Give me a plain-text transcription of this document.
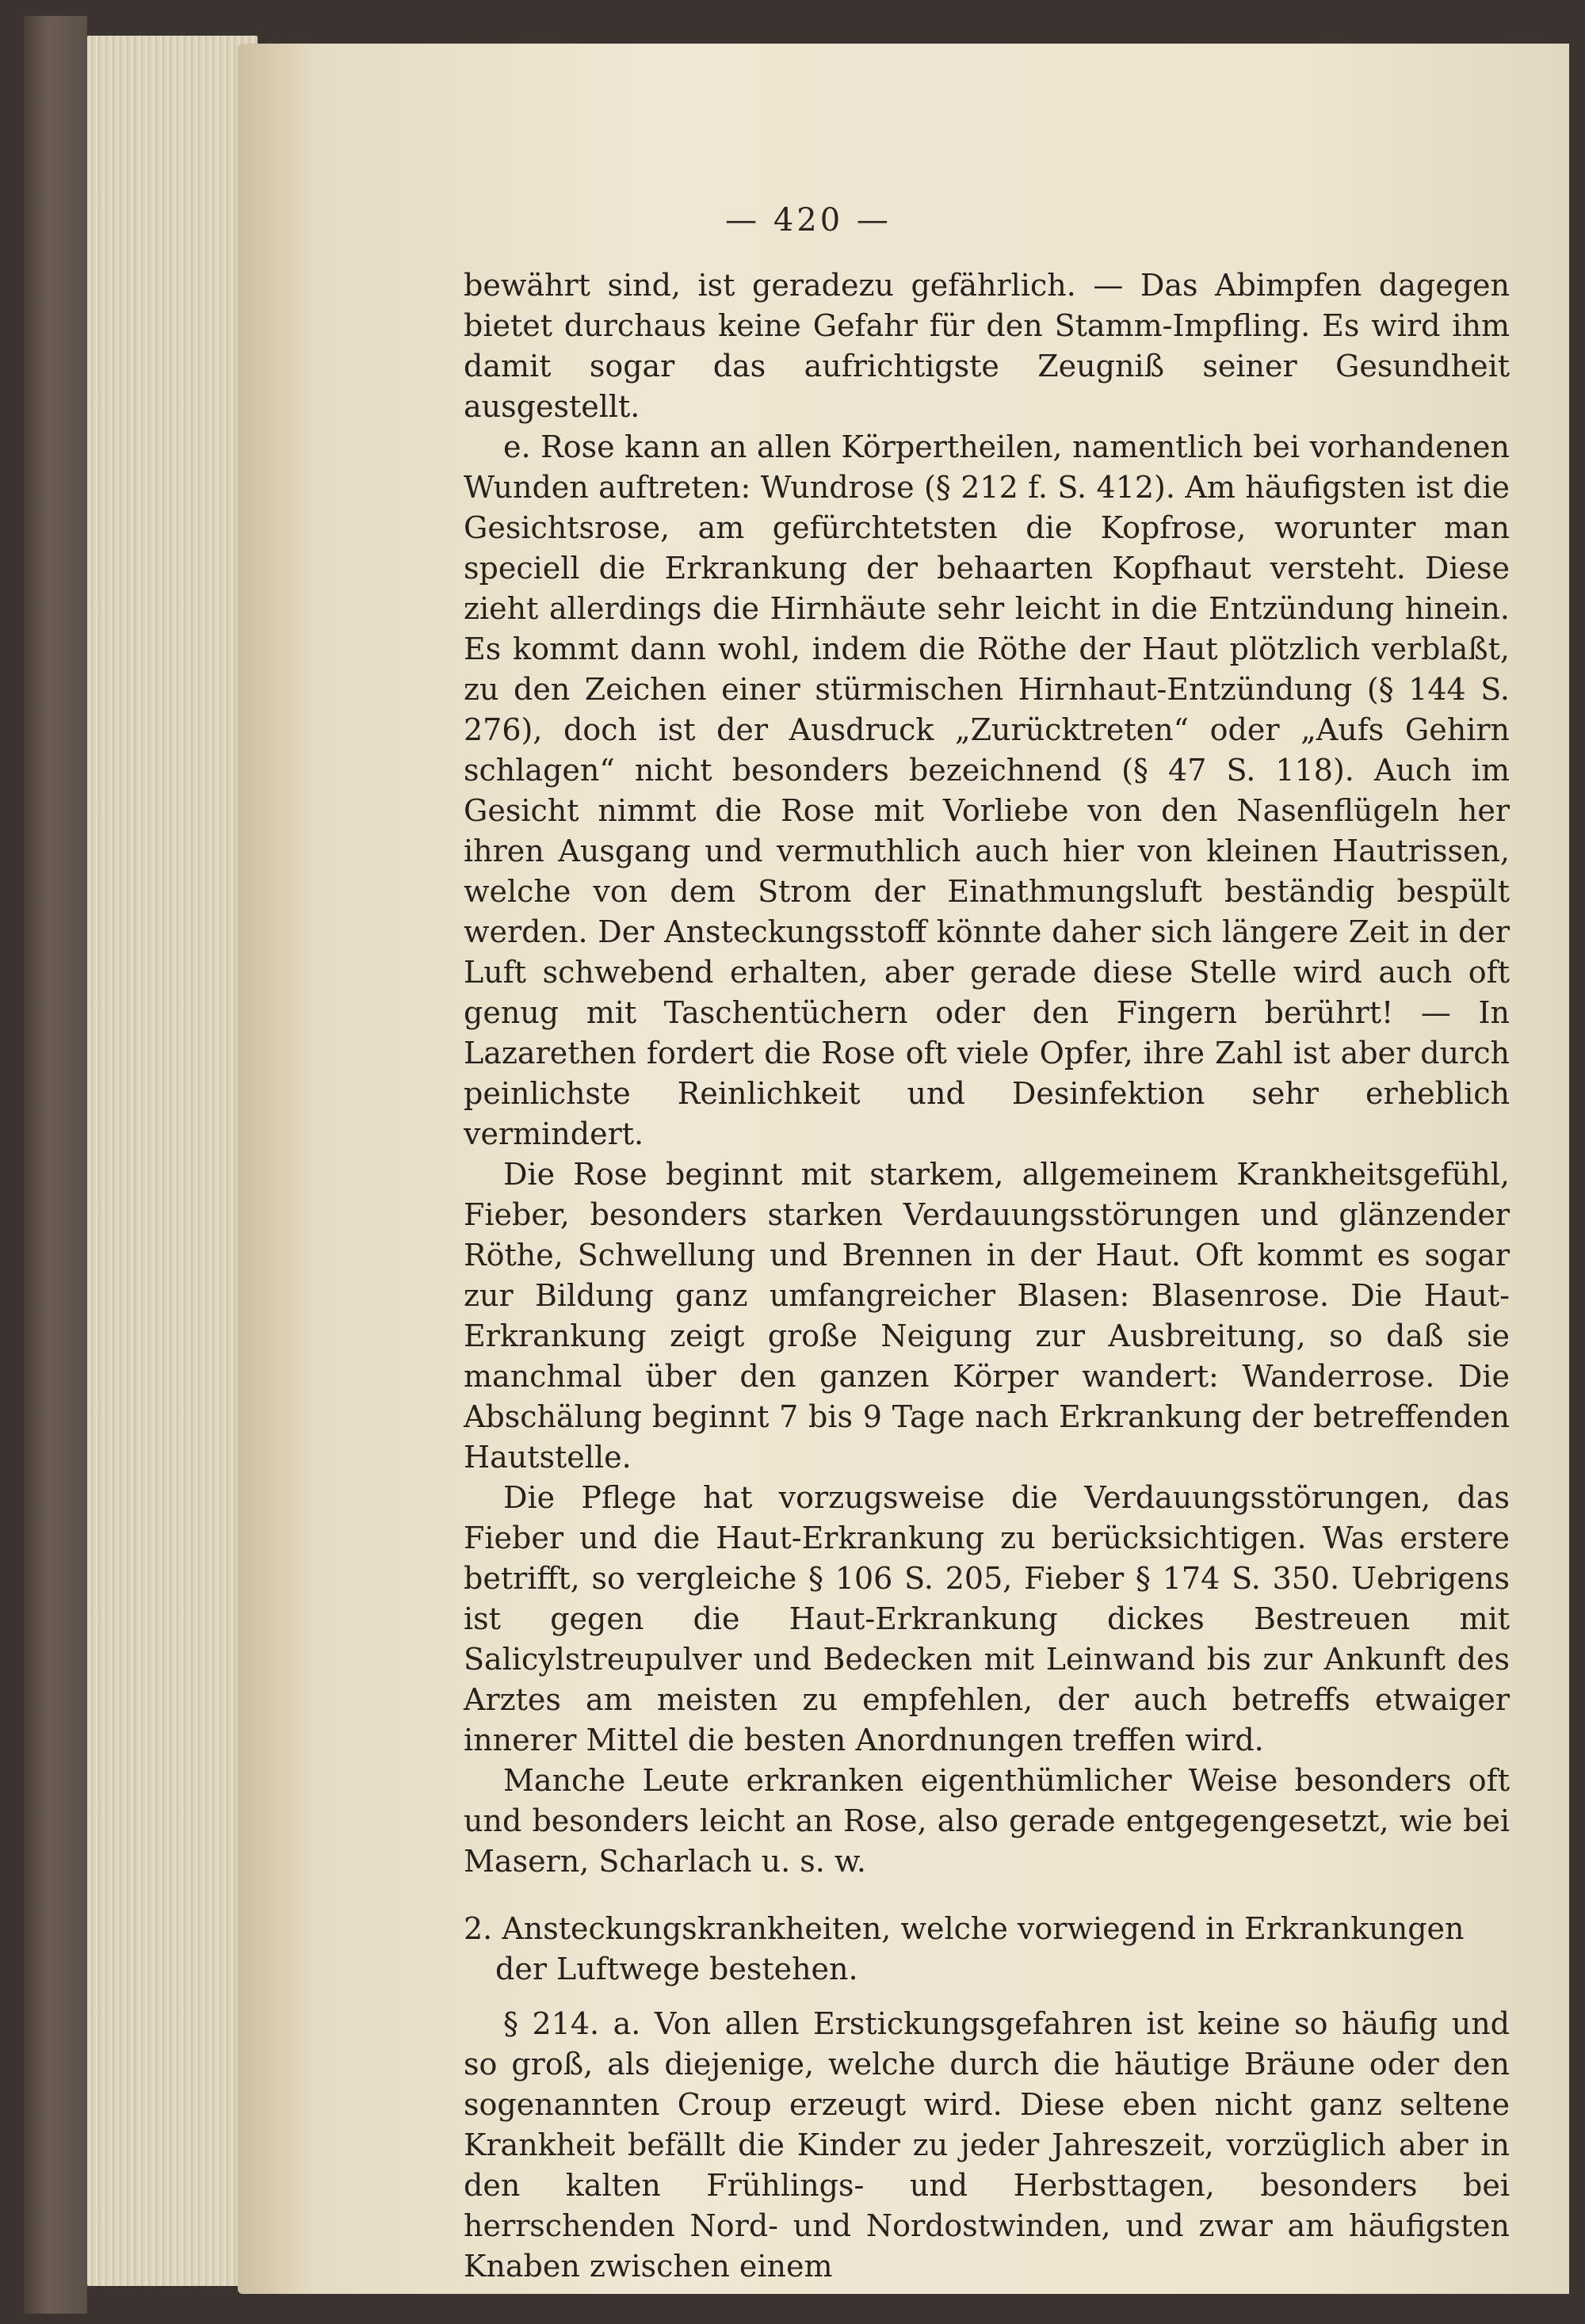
— 420 —

bewährt sind, ist geradezu gefährlich. — Das Abimpfen dagegen bietet durchaus keine Gefahr für den Stamm-Impfling. Es wird ihm damit sogar das aufrichtigste Zeugniß seiner Gesundheit ausgestellt.

e. Rose kann an allen Körpertheilen, namentlich bei vorhandenen Wunden auftreten: Wundrose (§ 212 f. S. 412). Am häufigsten ist die Gesichtsrose, am gefürchtetsten die Kopfrose, worunter man speciell die Erkrankung der behaarten Kopfhaut versteht. Diese zieht allerdings die Hirnhäute sehr leicht in die Entzündung hinein. Es kommt dann wohl, indem die Röthe der Haut plötzlich verblaßt, zu den Zeichen einer stürmischen Hirnhaut-Entzündung (§ 144 S. 276), doch ist der Ausdruck „Zurücktreten“ oder „Aufs Gehirn schlagen“ nicht besonders bezeichnend (§ 47 S. 118). Auch im Gesicht nimmt die Rose mit Vorliebe von den Nasenflügeln her ihren Ausgang und vermuthlich auch hier von kleinen Hautrissen, welche von dem Strom der Einathmungsluft beständig bespült werden. Der Ansteckungsstoff könnte daher sich längere Zeit in der Luft schwebend erhalten, aber gerade diese Stelle wird auch oft genug mit Taschentüchern oder den Fingern berührt! — In Lazarethen fordert die Rose oft viele Opfer, ihre Zahl ist aber durch peinlichste Reinlichkeit und Desinfektion sehr erheblich vermindert.

Die Rose beginnt mit starkem, allgemeinem Krankheitsgefühl, Fieber, besonders starken Verdauungsstörungen und glänzender Röthe, Schwellung und Brennen in der Haut. Oft kommt es sogar zur Bildung ganz umfangreicher Blasen: Blasenrose. Die Haut-Erkrankung zeigt große Neigung zur Ausbreitung, so daß sie manchmal über den ganzen Körper wandert: Wanderrose. Die Abschälung beginnt 7 bis 9 Tage nach Erkrankung der betreffenden Hautstelle.

Die Pflege hat vorzugsweise die Verdauungsstörungen, das Fieber und die Haut-Erkrankung zu berücksichtigen. Was erstere betrifft, so vergleiche § 106 S. 205, Fieber § 174 S. 350. Uebrigens ist gegen die Haut-Erkrankung dickes Bestreuen mit Salicylstreupulver und Bedecken mit Leinwand bis zur Ankunft des Arztes am meisten zu empfehlen, der auch betreffs etwaiger innerer Mittel die besten Anordnungen treffen wird.

Manche Leute erkranken eigenthümlicher Weise besonders oft und besonders leicht an Rose, also gerade entgegengesetzt, wie bei Masern, Scharlach u. s. w.

2. Ansteckungskrankheiten, welche vorwiegend in Erkrankungen der Luftwege bestehen.

§ 214. a. Von allen Erstickungsgefahren ist keine so häufig und so groß, als diejenige, welche durch die häutige Bräune oder den sogenannten Croup erzeugt wird. Diese eben nicht ganz seltene Krankheit befällt die Kinder zu jeder Jahreszeit, vorzüglich aber in den kalten Frühlings- und Herbsttagen, besonders bei herrschenden Nord- und Nordostwinden, und zwar am häufigsten Knaben zwischen einem
